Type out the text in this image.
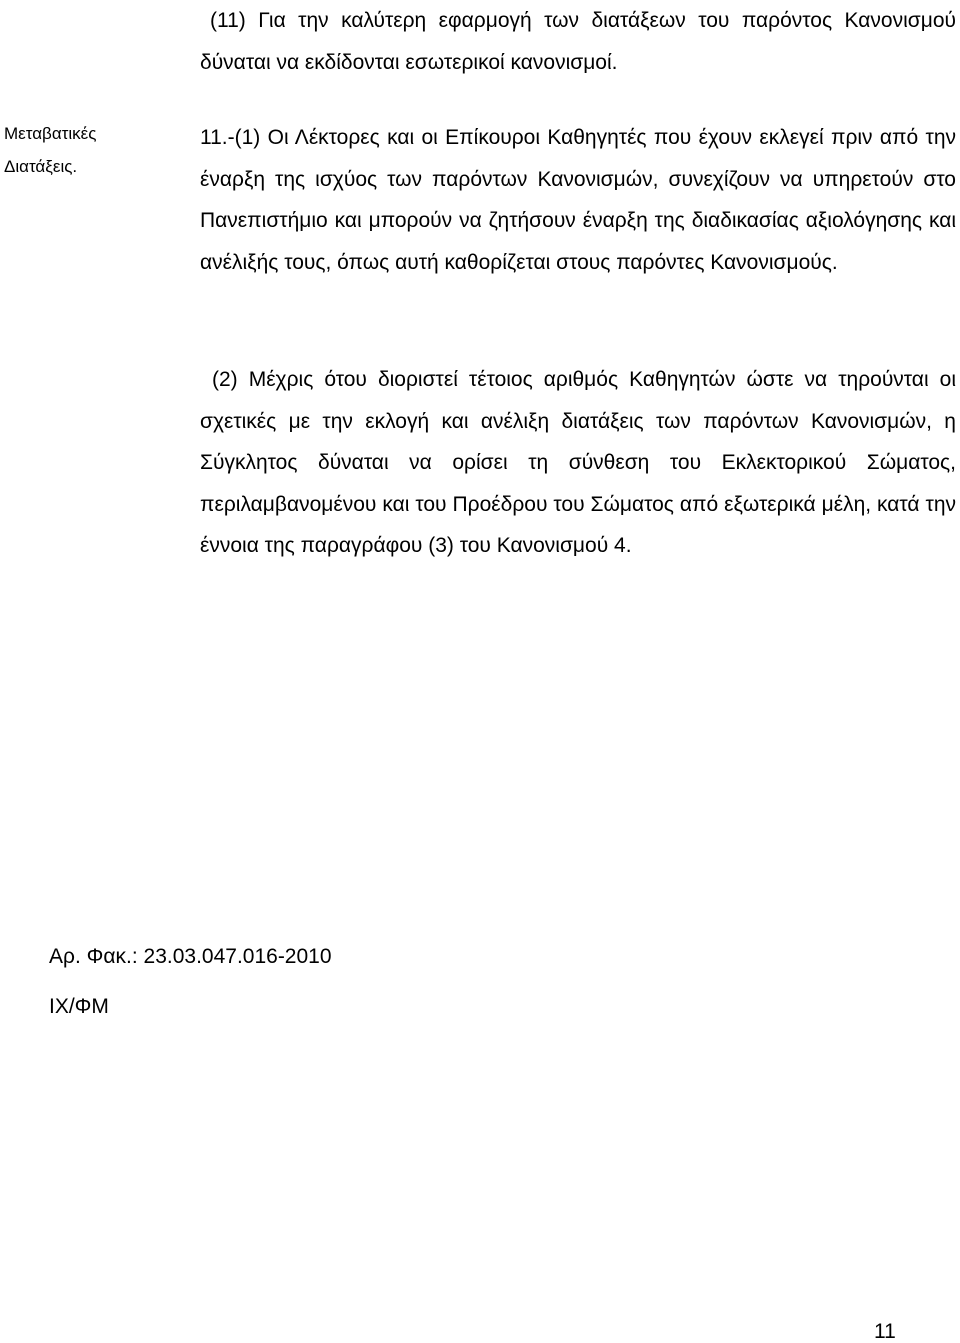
(11) Για την καλύτερη εφαρμογή των διατάξεων του παρόντος Κανονισμού δύναται να εκδίδονται εσωτερικοί κανονισμοί.

Μεταβατικές
Διατάξεις.

11.-(1) Οι Λέκτορες και οι Επίκουροι Καθηγητές που έχουν εκλεγεί πριν από την έναρξη της ισχύος των παρόντων Κανονισμών, συνεχίζουν να υπηρετούν στο Πανεπιστήμιο και μπορούν να ζητήσουν έναρξη της διαδικασίας αξιολόγησης και ανέλιξής τους, όπως αυτή καθορίζεται στους παρόντες Κανονισμούς.

(2) Μέχρις ότου διοριστεί τέτοιος αριθμός Καθηγητών ώστε να τηρούνται οι σχετικές με την εκλογή και ανέλιξη διατάξεις των παρόντων Κανονισμών, η Σύγκλητος δύναται να ορίσει τη σύνθεση του Εκλεκτορικού Σώματος, περιλαμβανομένου και του Προέδρου του Σώματος από εξωτερικά μέλη, κατά την έννοια της παραγράφου (3) του Κανονισμού 4.

Αρ. Φακ.: 23.03.047.016-2010

ΙΧ/ΦΜ

11
